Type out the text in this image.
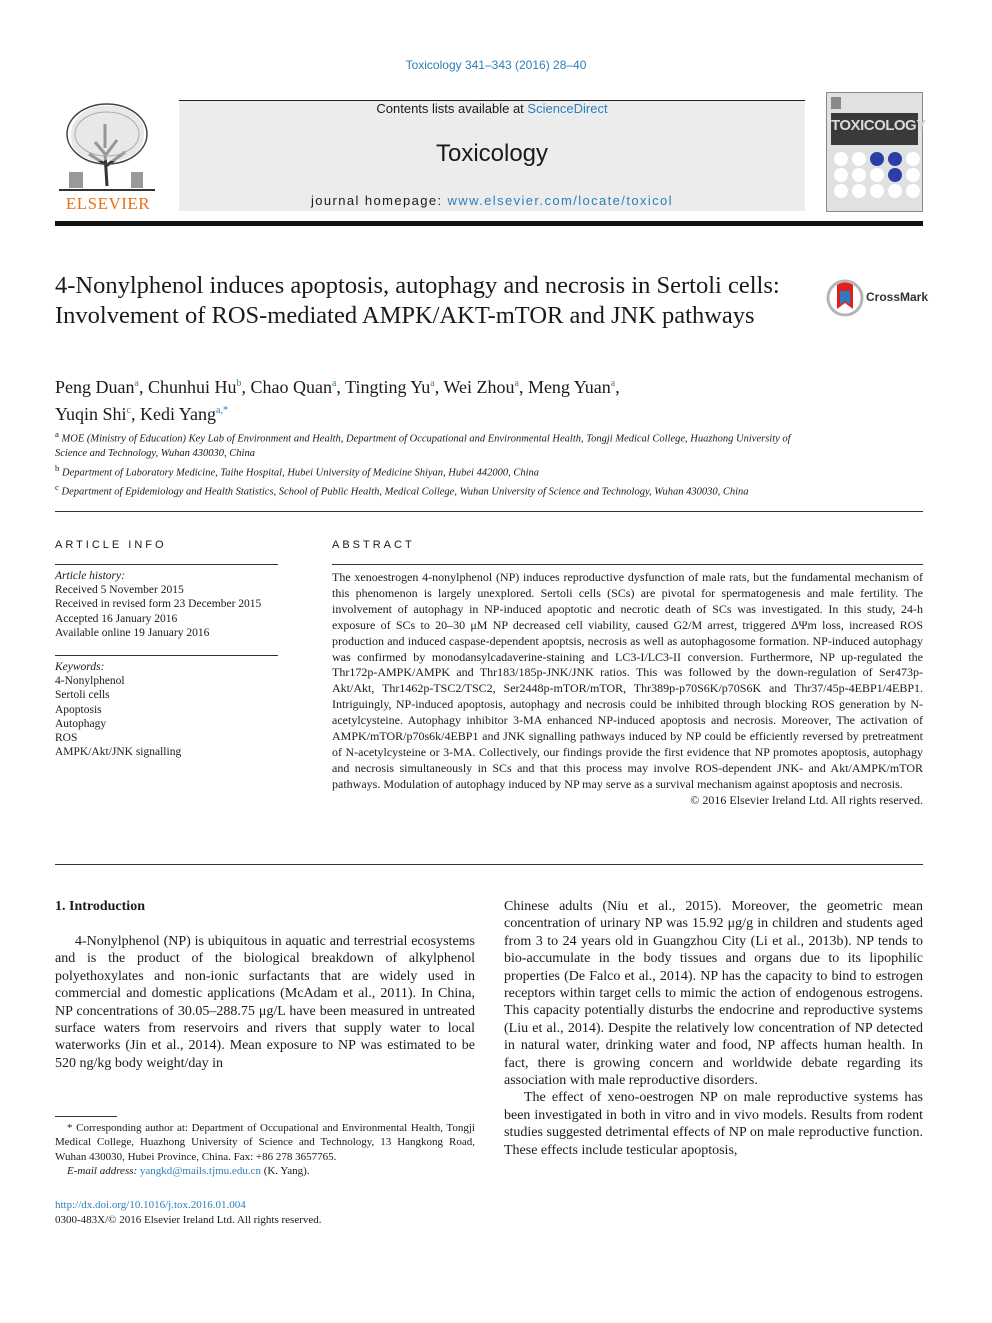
Toxicology 341–343 (2016) 28–40
ELSEVIER
Contents lists available at ScienceDirect
Toxicology
journal homepage: www.elsevier.com/locate/toxicol
TOXICOLOGY
4-Nonylphenol induces apoptosis, autophagy and necrosis in Sertoli cells: Involvement of ROS-mediated AMPK/AKT-mTOR and JNK pathways
CrossMark
Peng Duan$^a$, Chunhui Hu$^b$, Chao Quan$^a$, Tingting Yu$^a$, Wei Zhou$^a$, Meng Yuan$^a$,
Yuqin Shi$^c$, Kedi Yang$^{a,*}$
$^a$ MOE (Ministry of Education) Key Lab of Environment and Health, Department of Occupational and Environmental Health, Tongji Medical College, Huazhong University of Science and Technology, Wuhan 430030, China
$^b$ Department of Laboratory Medicine, Taihe Hospital, Hubei University of Medicine Shiyan, Hubei 442000, China
$^c$ Department of Epidemiology and Health Statistics, School of Public Health, Medical College, Wuhan University of Science and Technology, Wuhan 430030, China
ARTICLE INFO
Article history:
Received 5 November 2015
Received in revised form 23 December 2015
Accepted 16 January 2016
Available online 19 January 2016
Keywords:
4-Nonylphenol
Sertoli cells
Apoptosis
Autophagy
ROS
AMPK/Akt/JNK signalling
ABSTRACT

The xenoestrogen 4-nonylphenol (NP) induces reproductive dysfunction of male rats, but the fundamental mechanism of this phenomenon is largely unexplored. Sertoli cells (SCs) are pivotal for spermatogenesis and male fertility. The involvement of autophagy in NP-induced apoptotic and necrotic death of SCs was investigated. In this study, 24-h exposure of SCs to 20–30 μM NP decreased cell viability, caused G2/M arrest, triggered ΔΨm loss, increased ROS production and induced caspase-dependent apoptsis, necrosis as well as autophagosome formation. NP-induced autophagy was confirmed by monodansylcadaverine-staining and LC3-I/LC3-II conversion. Furthermore, NP up-regulated the Thr172p-AMPK/AMPK and Thr183/185p-JNK/JNK ratios. This was followed by the down-regulation of Ser473p-Akt/Akt, Thr1462p-TSC2/TSC2, Ser2448p-mTOR/mTOR, Thr389p-p70S6K/p70S6K and Thr37/45p-4EBP1/4EBP1. Intriguingly, NP-induced apoptosis, autophagy and necrosis could be inhibited through blocking ROS generation by N-acetylcysteine. Autophagy inhibitor 3-MA enhanced NP-induced apoptosis and necrosis. Moreover, The activation of AMPK/mTOR/p70s6k/4EBP1 and JNK signalling pathways induced by NP could be efficiently reversed by pretreatment of N-acetylcysteine or 3-MA. Collectively, our findings provide the first evidence that NP promotes apoptosis, autophagy and necrosis simultaneously in SCs and that this process may involve ROS-dependent JNK- and Akt/AMPK/mTOR pathways. Modulation of autophagy induced by NP may serve as a survival mechanism against apoptosis and necrosis.

© 2016 Elsevier Ireland Ltd. All rights reserved.

1. Introduction

4-Nonylphenol (NP) is ubiquitous in aquatic and terrestrial ecosystems and is the product of the biological breakdown of alkylphenol polyethoxylates and non-ionic surfactants that are widely used in commercial and domestic applications (McAdam et al., 2011). In China, NP concentrations of 30.05–288.75 μg/L have been measured in untreated surface waters from reservoirs and rivers that supply water to local waterworks (Jin et al., 2014). Mean exposure to NP was estimated to be 520 ng/kg body weight/day in

Chinese adults (Niu et al., 2015). Moreover, the geometric mean concentration of urinary NP was 15.92 μg/g in children and students aged from 3 to 24 years old in Guangzhou City (Li et al., 2013b). NP tends to bio-accumulate in the body tissues and organs due to its lipophilic properties (De Falco et al., 2014). NP has the capacity to bind to estrogen receptors within target cells to mimic the action of endogenous estrogens. This capacity potentially disturbs the endocrine and reproductive systems (Liu et al., 2014). Despite the relatively low concentration of NP detected in natural water, drinking water and food, NP affects human health. In fact, there is growing concern and worldwide debate regarding its association with male reproductive disorders.

The effect of xeno-oestrogen NP on male reproductive systems has been investigated in both in vitro and in vivo models. Results from rodent studies suggested detrimental effects of NP on male reproductive function. These effects include testicular apoptosis,

* Corresponding author at: Department of Occupational and Environmental Health, Tongji Medical College, Huazhong University of Science and Technology, 13 Hangkong Road, Wuhan 430030, Hubei Province, China. Fax: +86 278 3657765.

E-mail address: yangkd@mails.tjmu.edu.cn (K. Yang).

http://dx.doi.org/10.1016/j.tox.2016.01.004
0300-483X/© 2016 Elsevier Ireland Ltd. All rights reserved.
